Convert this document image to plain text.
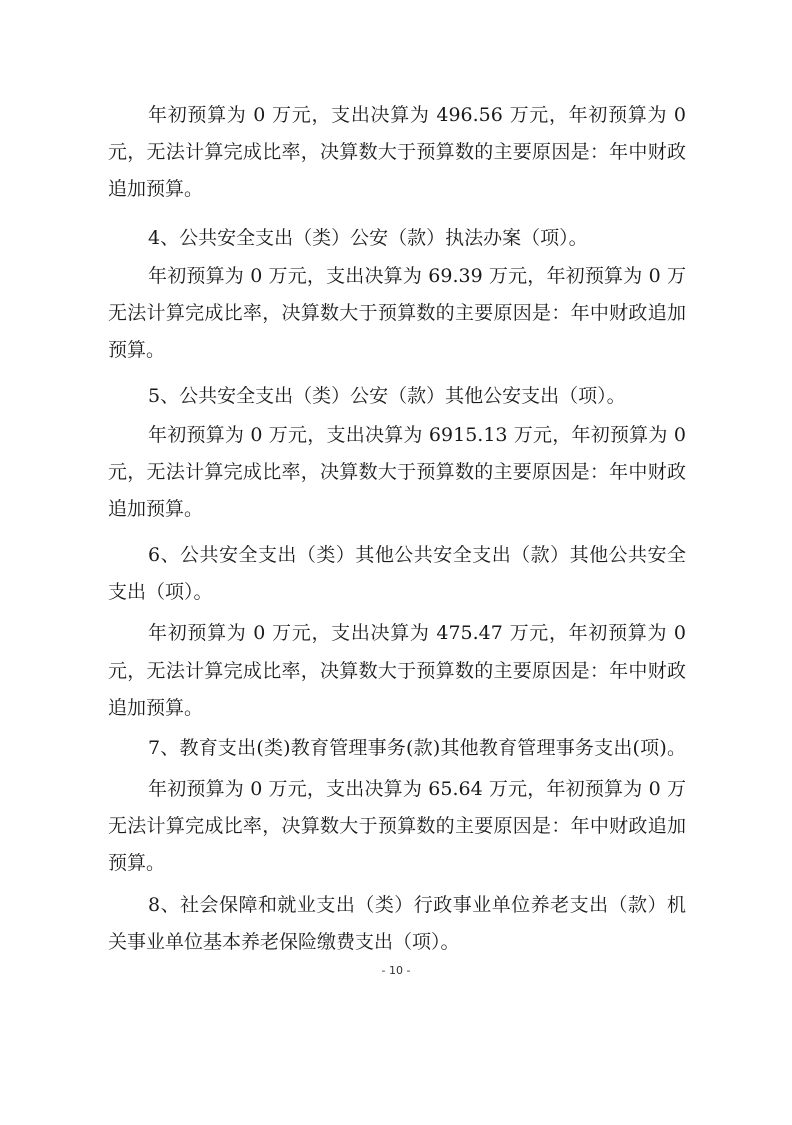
年初预算为 0 万元，支出决算为 496.56 万元，年初预算为 0
元，无法计算完成比率，决算数大于预算数的主要原因是：年中财政
追加预算。
4、公共安全支出（类）公安（款）执法办案（项）。
年初预算为 0 万元，支出决算为 69.39 万元，年初预算为 0 万
无法计算完成比率，决算数大于预算数的主要原因是：年中财政追加
预算。
5、公共安全支出（类）公安（款）其他公安支出（项）。
年初预算为 0 万元，支出决算为 6915.13 万元，年初预算为 0
元，无法计算完成比率，决算数大于预算数的主要原因是：年中财政
追加预算。
6、公共安全支出（类）其他公共安全支出（款）其他公共安全
支出（项）。
年初预算为 0 万元，支出决算为 475.47 万元，年初预算为 0
元，无法计算完成比率，决算数大于预算数的主要原因是：年中财政
追加预算。
7、教育支出(类)教育管理事务(款)其他教育管理事务支出(项)。
年初预算为 0 万元，支出决算为 65.64 万元，年初预算为 0 万
无法计算完成比率，决算数大于预算数的主要原因是：年中财政追加
预算。
8、社会保障和就业支出（类）行政事业单位养老支出（款）机
关事业单位基本养老保险缴费支出（项）。
- 10 -
